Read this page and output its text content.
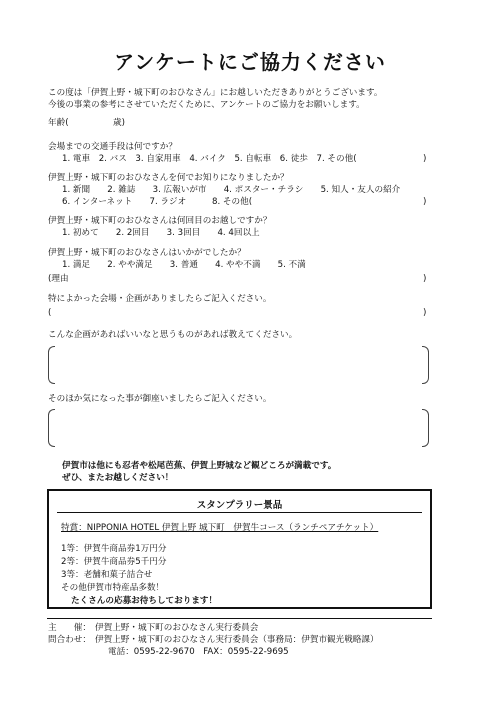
アンケートにご協力ください
この度は「伊賀上野・城下町のおひなさん」にお越しいただきありがとうございます。
今後の事業の参考にさせていただくために、アンケートのご協力をお願いします。
年齢(	歳)
会場までの交通手段は何ですか？
1. 電車　2. バス　3. 自家用車　4. バイク　5. 自転車　6. 徒歩　7. その他(	)
伊賀上野・城下町のおひなさんを何でお知りになりましたか？
1. 新聞　　2. 雑誌　　3. 広報いが市　　4. ポスター・チラシ　　5. 知人・友人の紹介
6. インターネット　　7. ラジオ　　　8. その他(	)
伊賀上野・城下町のおひなさんは何回目のお越しですか？
1. 初めて　　2. 2回目　　3. 3回目　　4. 4回以上
伊賀上野・城下町のおひなさんはいかがでしたか？
1. 満足　　2. やや満足　　3. 普通　　4. やや不満　　5. 不満
(理由	)
特によかった会場・企画がありましたらご記入ください。
(	)
こんな企画があればいいなと思うものがあれば教えてください。
そのほか気になった事が御座いましたらご記入ください。
伊賀市は他にも忍者や松尾芭蕉、伊賀上野城など観どころが満載です。
ぜひ、またお越しください！
スタンプラリー景品
特賞：NIPPONIA HOTEL 伊賀上野 城下町　伊賀牛コース（ランチペアチケット）
1等：伊賀牛商品券1万円分
2等：伊賀牛商品券5千円分
3等：老舗和菓子詰合せ
その他伊賀市特産品多数！
たくさんの応募お待ちしております！
主　　催： 伊賀上野・城下町のおひなさん実行委員会
問合わせ： 伊賀上野・城下町のおひなさん実行委員会（事務局：伊賀市観光戦略課）
電話：0595-22-9670　FAX：0595-22-9695
